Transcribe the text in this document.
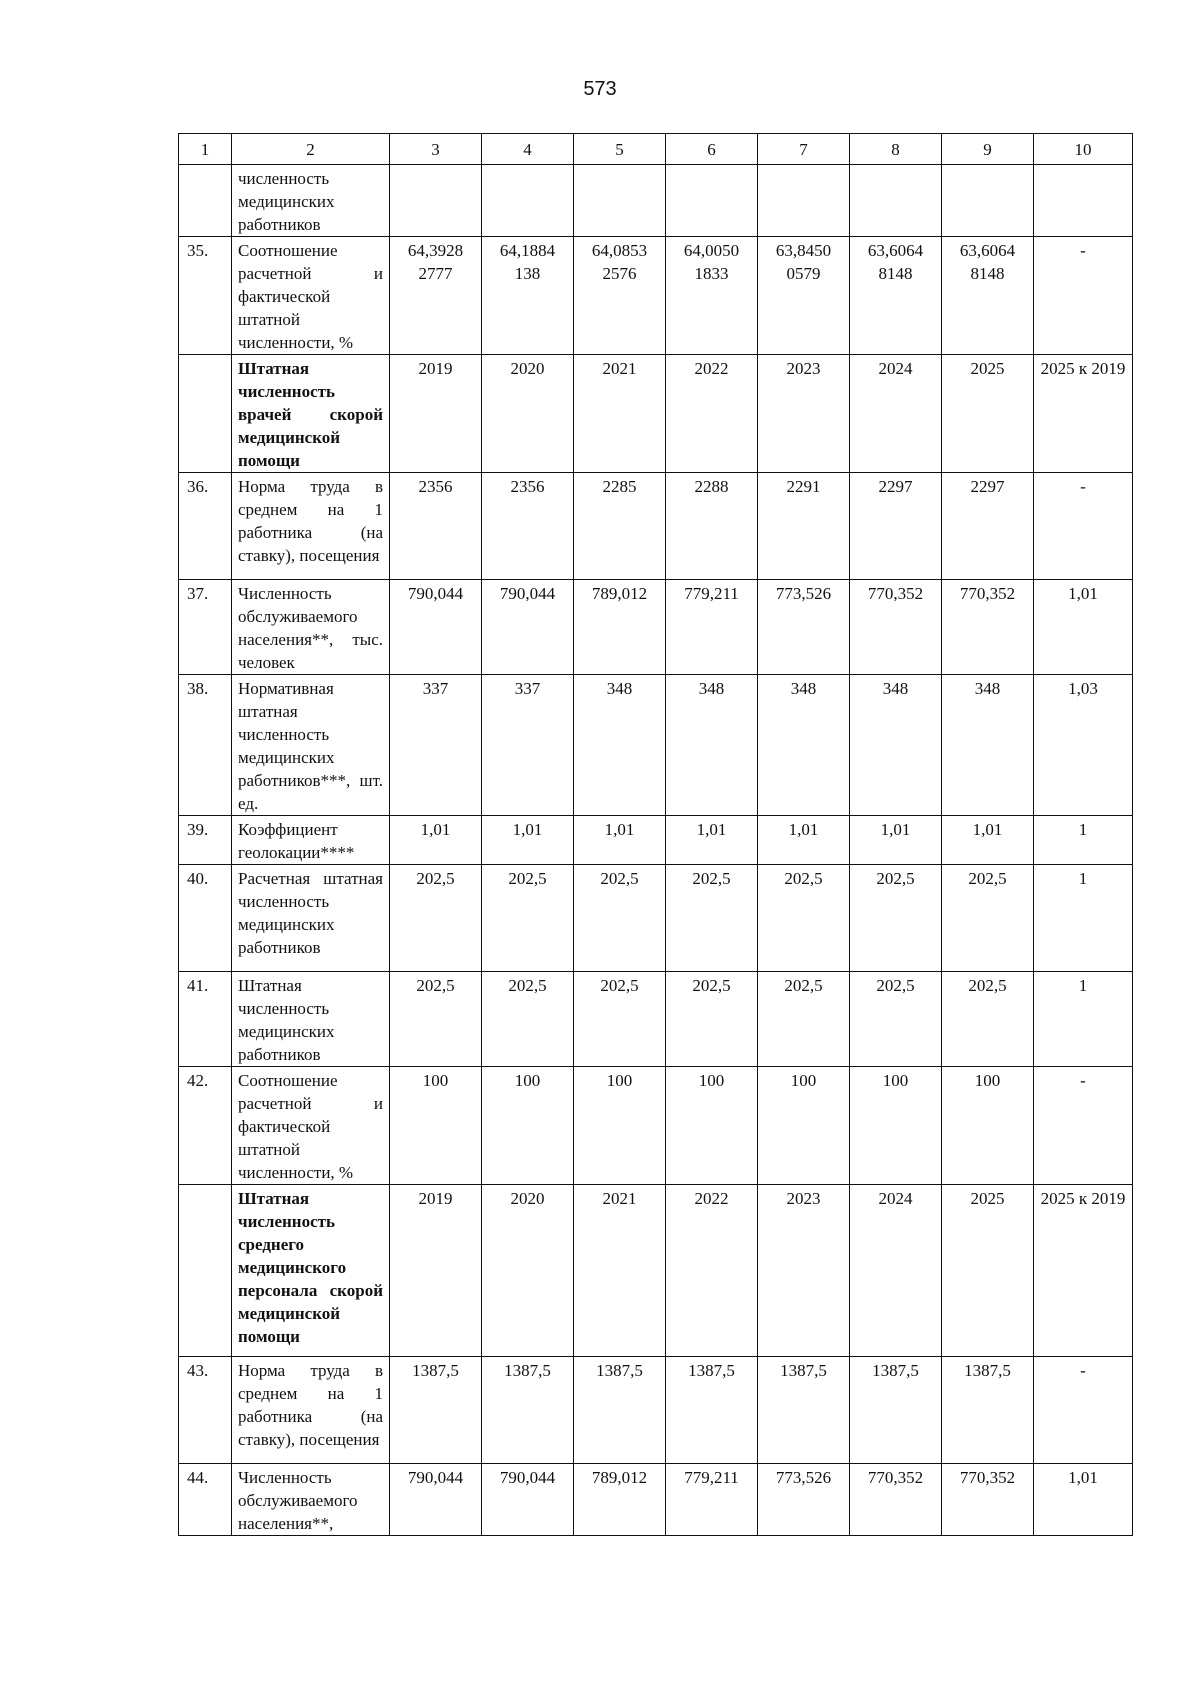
573
1	2	3	4	5	6	7	8	9	10
	численность медицинских работников								
35.	Соотношение расчетной и фактической штатной численности, %	64,3928 2777	64,1884 138	64,0853 2576	64,0050 1833	63,8450 0579	63,6064 8148	63,6064 8148	-
	Штатная численность врачей скорой медицинской помощи	2019	2020	2021	2022	2023	2024	2025	2025 к 2019
36.	Норма труда в среднем на 1 работника (на ставку), посещения	2356	2356	2285	2288	2291	2297	2297	-
37.	Численность обслуживаемого населения**, тыс. человек	790,044	790,044	789,012	779,211	773,526	770,352	770,352	1,01
38.	Нормативная штатная численность медицинских работников***, шт. ед.	337	337	348	348	348	348	348	1,03
39.	Коэффициент геолокации****	1,01	1,01	1,01	1,01	1,01	1,01	1,01	1
40.	Расчетная штатная численность медицинских работников	202,5	202,5	202,5	202,5	202,5	202,5	202,5	1
41.	Штатная численность медицинских работников	202,5	202,5	202,5	202,5	202,5	202,5	202,5	1
42.	Соотношение расчетной и фактической штатной численности, %	100	100	100	100	100	100	100	-
	Штатная численность среднего медицинского персонала скорой медицинской помощи	2019	2020	2021	2022	2023	2024	2025	2025 к 2019
43.	Норма труда в среднем на 1 работника (на ставку), посещения	1387,5	1387,5	1387,5	1387,5	1387,5	1387,5	1387,5	-
44.	Численность обслуживаемого населения**,	790,044	790,044	789,012	779,211	773,526	770,352	770,352	1,01
